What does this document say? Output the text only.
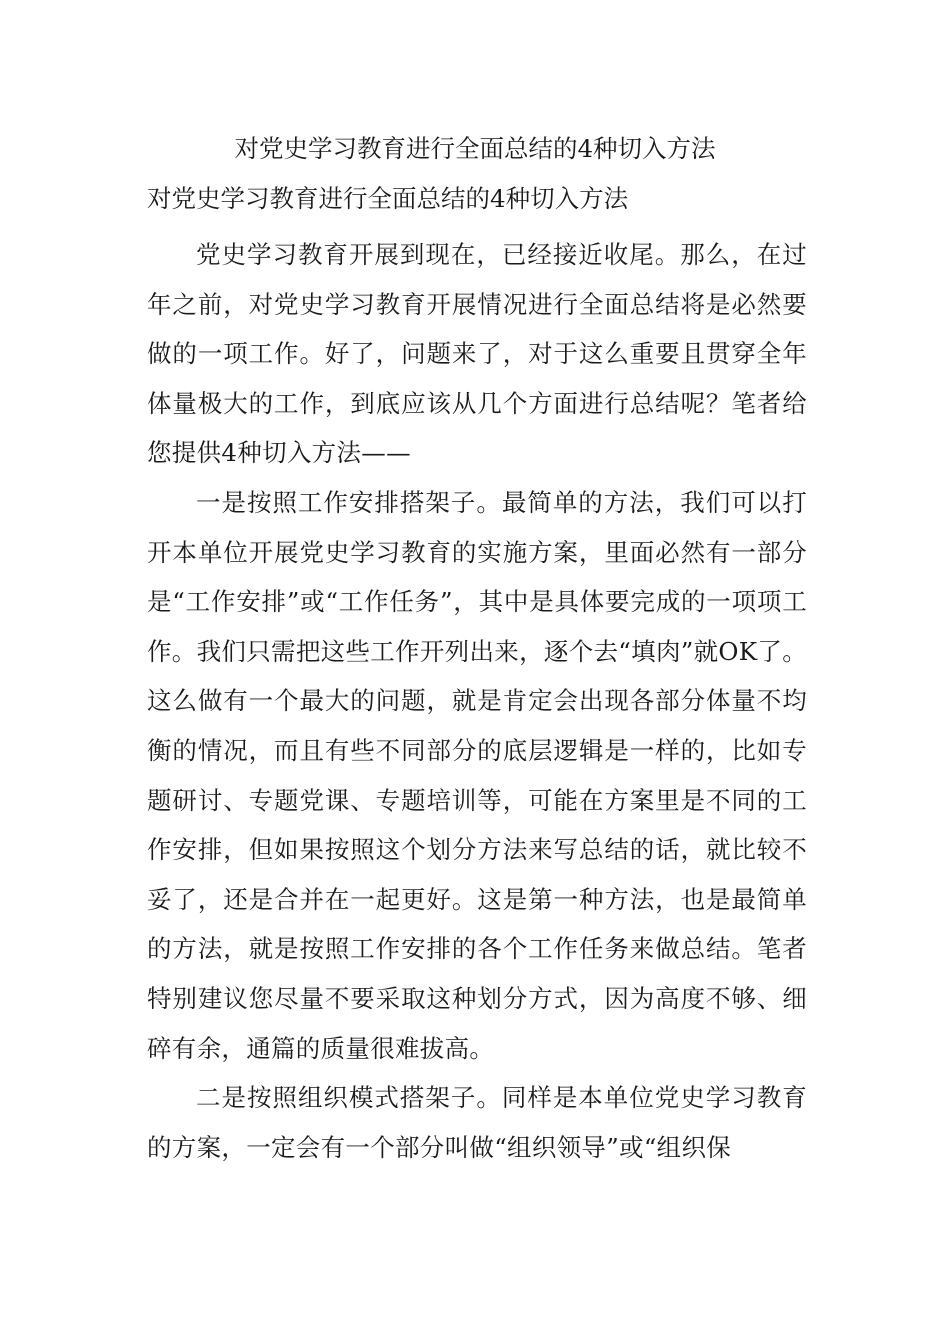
对党史学习教育进行全面总结的4种切入方法
对党史学习教育进行全面总结的4种切入方法

党史学习教育开展到现在，已经接近收尾。那么，在过年之前，对党史学习教育开展情况进行全面总结将是必然要做的一项工作。好了，问题来了，对于这么重要且贯穿全年体量极大的工作，到底应该从几个方面进行总结呢？笔者给您提供4种切入方法——

一是按照工作安排搭架子。最简单的方法，我们可以打开本单位开展党史学习教育的实施方案，里面必然有一部分是“工作安排”或“工作任务”，其中是具体要完成的一项项工作。我们只需把这些工作开列出来，逐个去“填肉”就OK了。这么做有一个最大的问题，就是肯定会出现各部分体量不均衡的情况，而且有些不同部分的底层逻辑是一样的，比如专题研讨、专题党课、专题培训等，可能在方案里是不同的工作安排，但如果按照这个划分方法来写总结的话，就比较不妥了，还是合并在一起更好。这是第一种方法，也是最简单的方法，就是按照工作安排的各个工作任务来做总结。笔者特别建议您尽量不要采取这种划分方式，因为高度不够、细碎有余，通篇的质量很难拔高。

二是按照组织模式搭架子。同样是本单位党史学习教育的方案，一定会有一个部分叫做“组织领导”或“组织保
